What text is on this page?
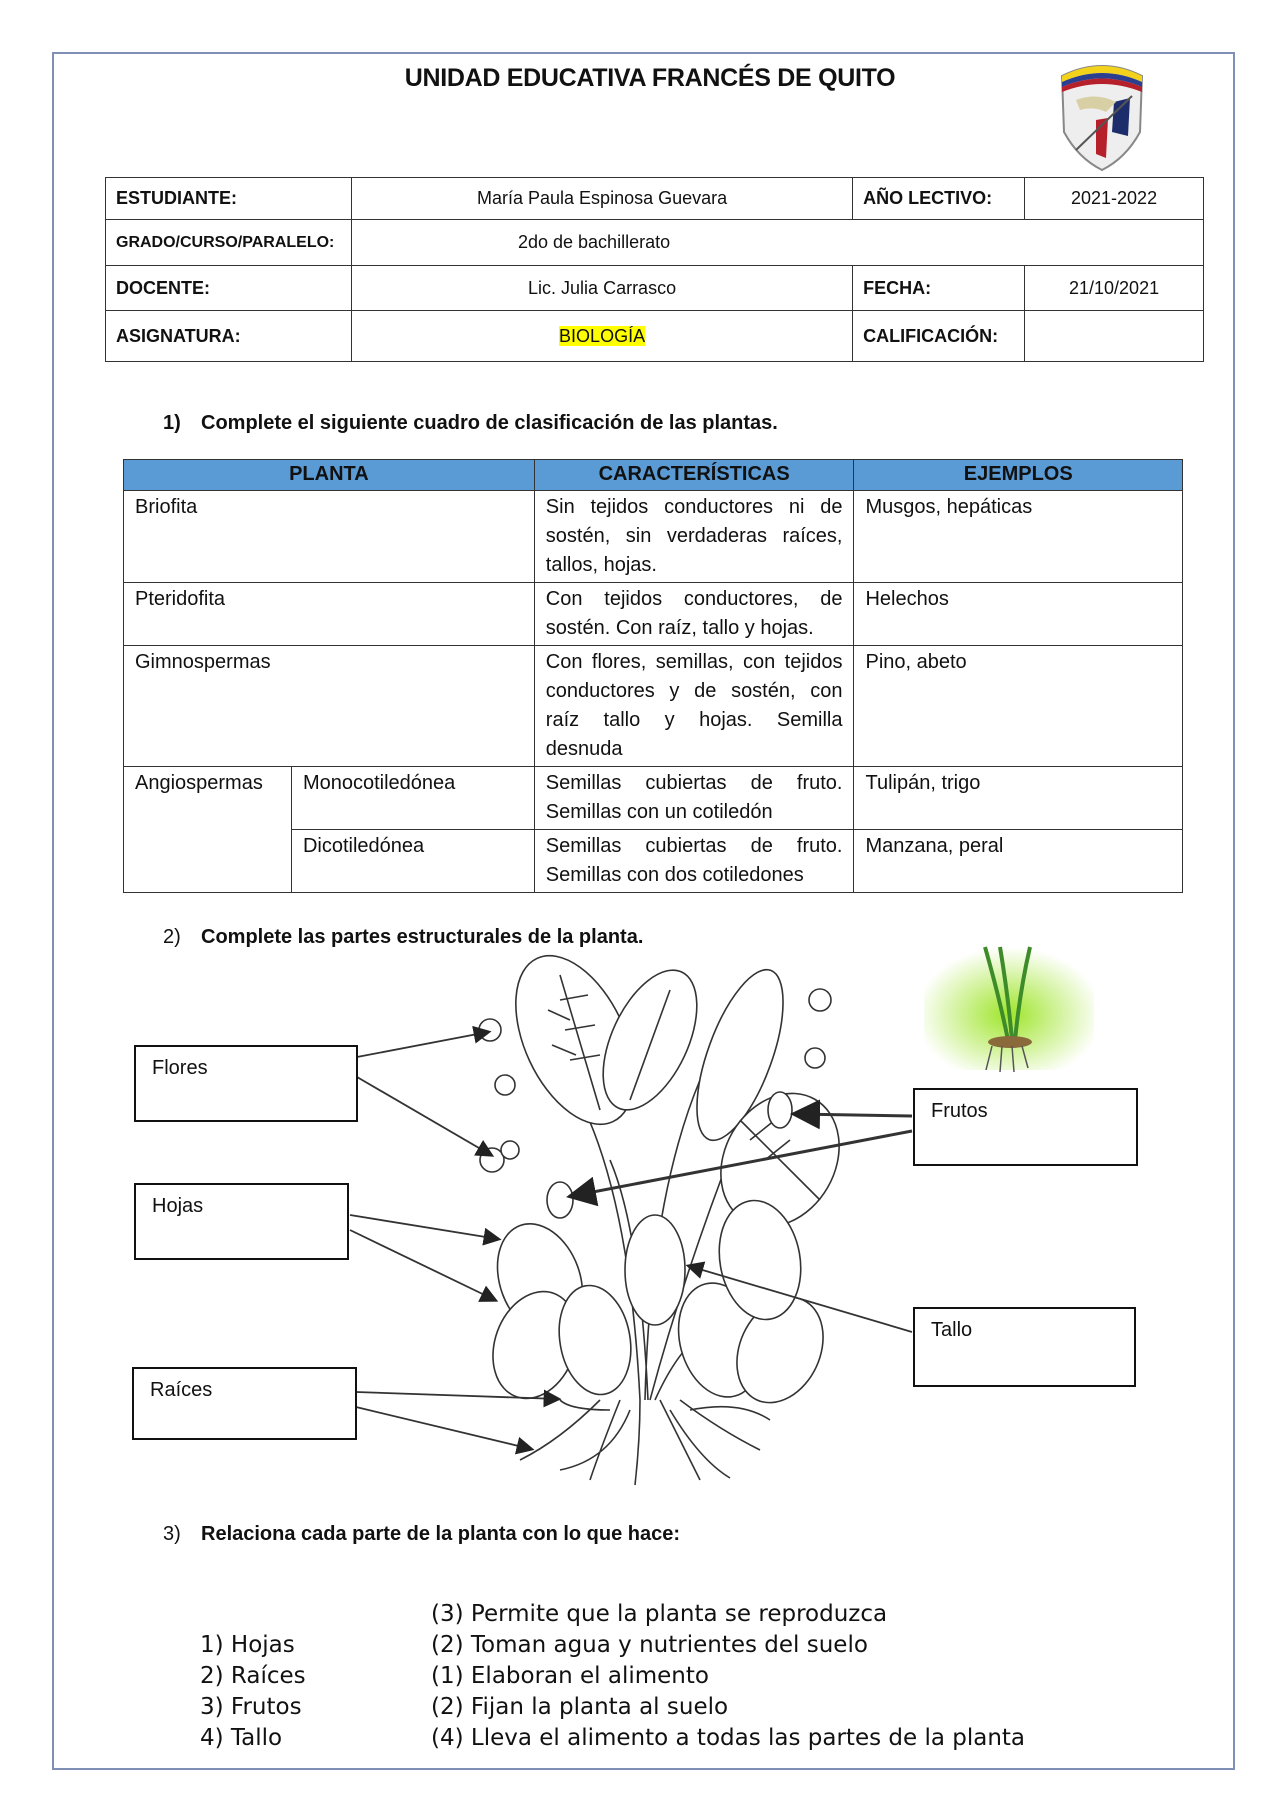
UNIDAD EDUCATIVA FRANCÉS DE QUITO
ESTUDIANTE:	María Paula Espinosa Guevara	AÑO LECTIVO:	2021-2022
GRADO/CURSO/PARALELO:	2do de bachillerato		
DOCENTE:	Lic. Julia Carrasco	FECHA:	21/10/2021
ASIGNATURA:	BIOLOGÍA	CALIFICACIÓN:	
1) Complete el siguiente cuadro de clasificación de las plantas.
PLANTA		CARACTERÍSTICAS	EJEMPLOS
Briofita		Sin tejidos conductores ni de sostén, sin verdaderas raíces, tallos, hojas.	Musgos, hepáticas
Pteridofita		Con tejidos conductores, de sostén. Con raíz, tallo y hojas.	Helechos
Gimnospermas		Con flores, semillas, con tejidos conductores y de sostén, con raíz tallo y hojas. Semilla desnuda	Pino, abeto
Angiospermas	Monocotiledónea	Semillas cubiertas de fruto. Semillas con un cotiledón	Tulipán, trigo
	Dicotiledónea	Semillas cubiertas de fruto. Semillas con dos cotiledones	Manzana, peral
2) Complete las partes estructurales de la planta.
Flores
Hojas
Raíces
Frutos
Tallo
3) Relaciona cada parte de la planta con lo que hace:
1) Hojas
2) Raíces
3) Frutos
4) Tallo
(3) Permite que la planta se reproduzca
(2) Toman agua y nutrientes del suelo
(1) Elaboran el alimento
(2) Fijan la planta al suelo
(4) Lleva el alimento a todas las partes de la planta
